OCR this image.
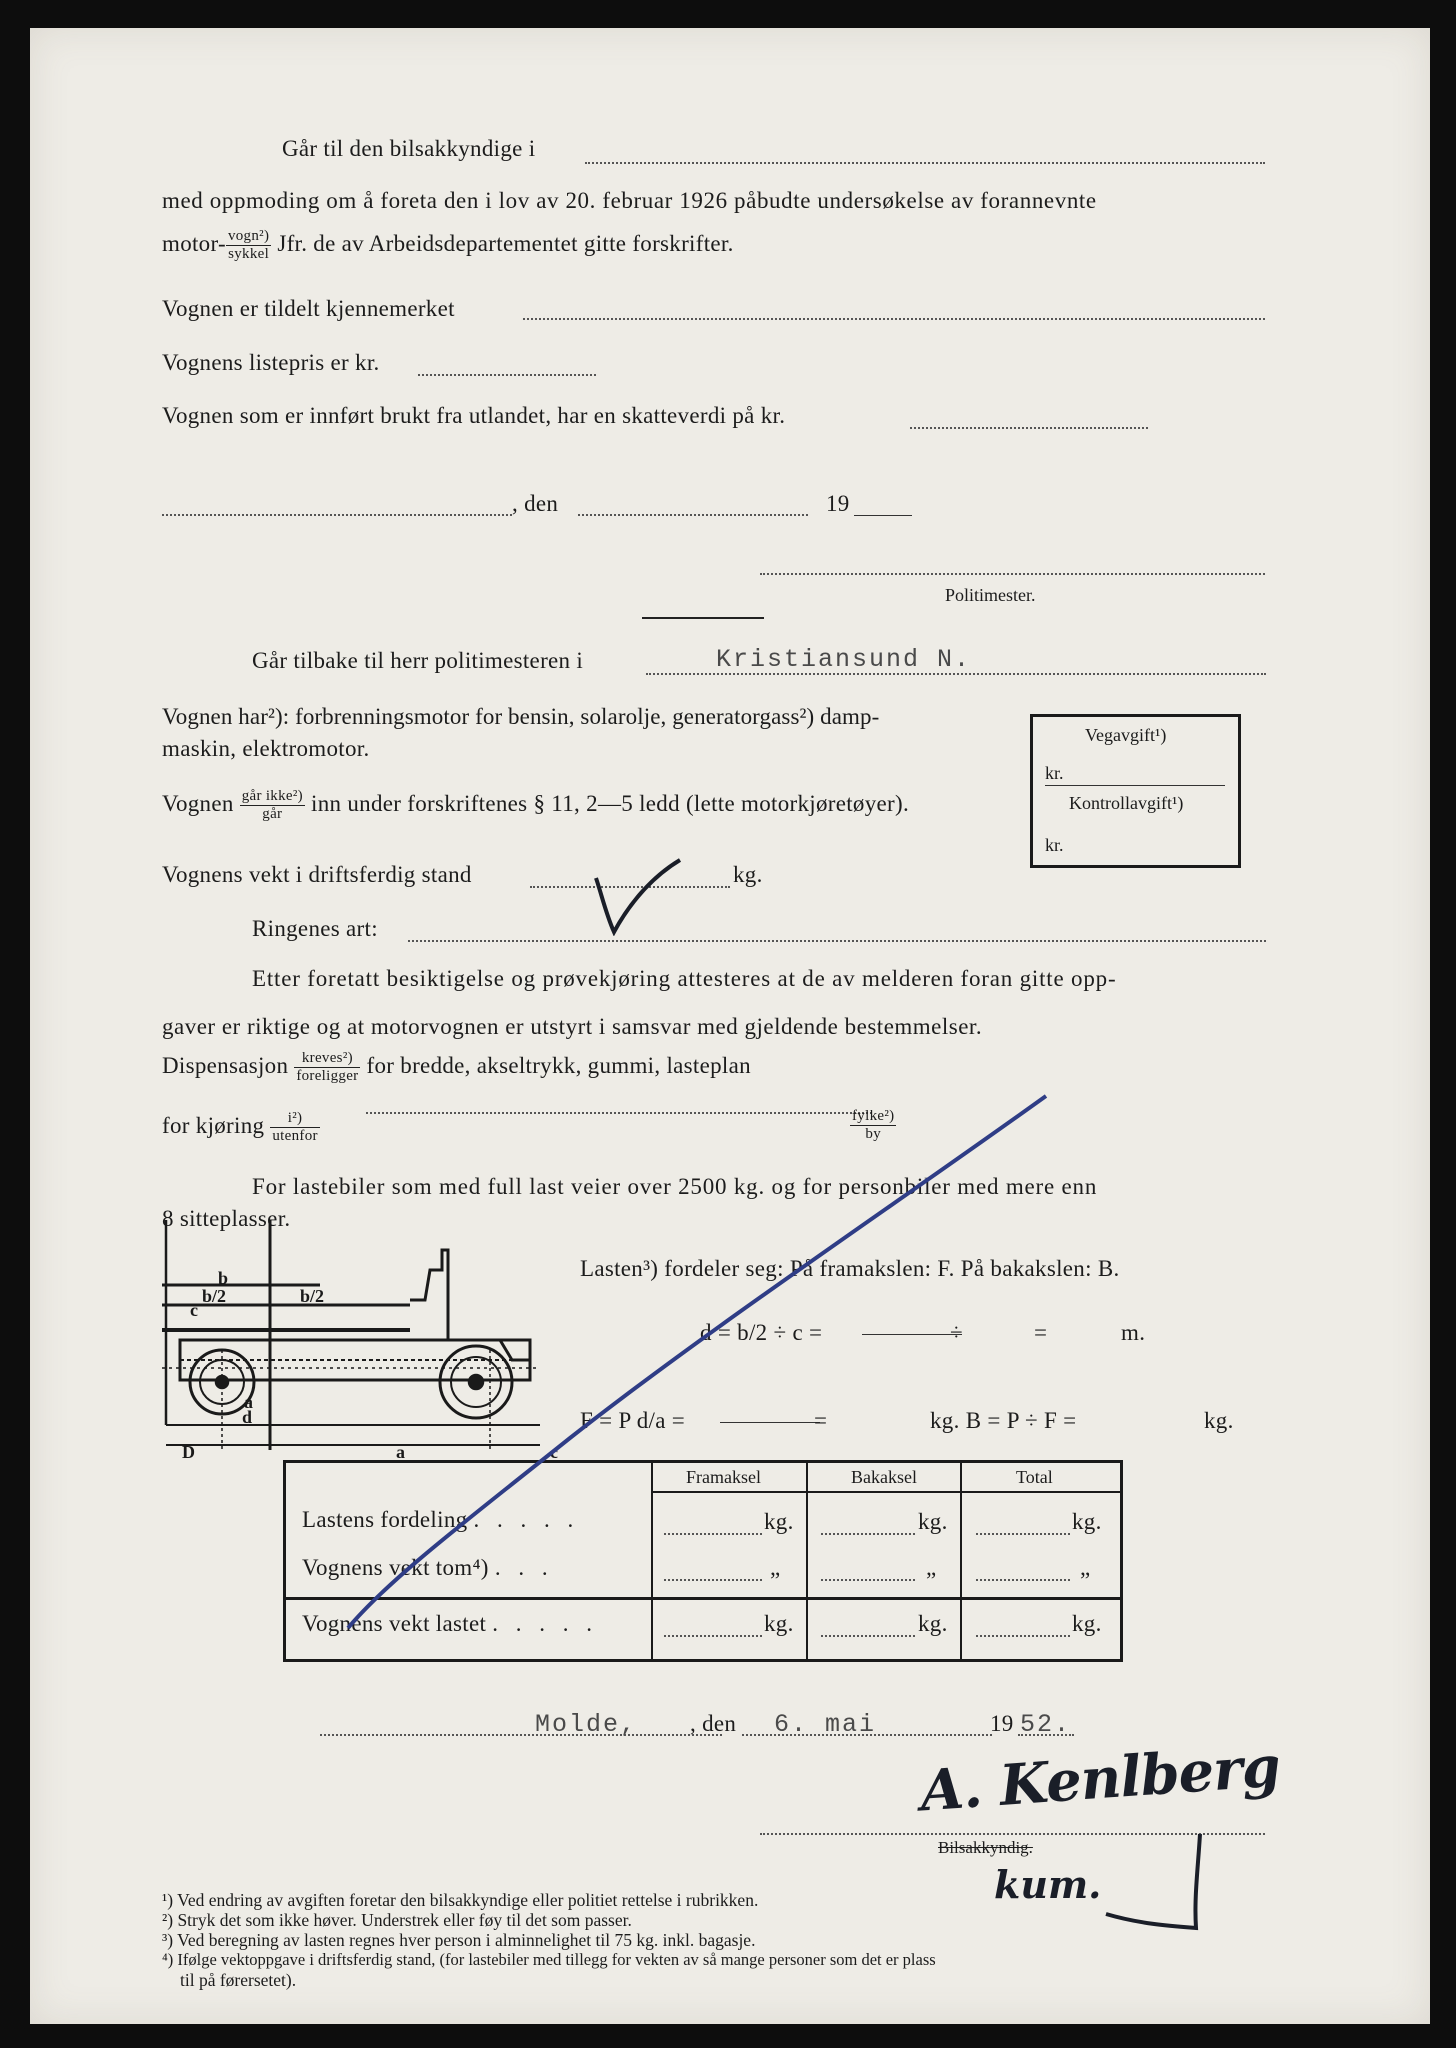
Går til den bilsakkyndige i
med oppmoding om å foreta den i lov av 20. februar 1926 påbudte undersøkelse av forannevnte
motor- $\frac{\text{vogn²)}}{\text{sykkel}}$ Jfr. de av Arbeidsdepartementet gitte forskrifter.
Vognen er tildelt kjennemerket
Vognens listepris er kr.
Vognen som er innført brukt fra utlandet, har en skatteverdi på kr.
, den	19
Politimester.
Går tilbake til herr politimesteren i	Kristiansund N.
Vognen har²): forbrenningsmotor for bensin, solarolje, generatorgass²) damp-
maskin, elektromotor.
Vegavgift¹)
kr.
Kontrollavgift¹)
kr.
Vognen $\frac{\text{går ikke²)}}{\text{går}}$ inn under forskriftenes § 11, 2—5 ledd (lette motorkjøretøyer).
Vognens vekt i driftsferdig stand	kg.
Ringenes art:
Etter foretatt besiktigelse og prøvekjøring attesteres at de av melderen foran gitte opp-
gaver er riktige og at motorvognen er utstyrt i samsvar med gjeldende bestemmelser.
Dispensasjon $\frac{\text{kreves²)}}{\text{foreligger}}$ for bredde, akseltrykk, gummi, lasteplan
for kjøring $\frac{\text{i²)}}{\text{utenfor}}$	$\frac{\text{fylke²)}}{by}$
For lastebiler som med full last veier over 2500 kg. og for personbiler med mere enn
8 sitteplasser.
b
b/2	b/2
c
d
a
D	a	c
Lasten³) fordeler seg: På framakslen: F. På bakakslen: B.
d = b/2 ÷ c =	÷	=	m.
F = P d/a =	=	kg. B = P ÷ F =	kg.
Framaksel	Bakaksel	Total
Lastens fordeling . . . . .	kg.	kg.	kg.
Vognens vekt tom⁴) . . .	„	„	„
Vognens vekt lastet . . . . .	kg.	kg.	kg.
Molde, , den 6. mai	19 52.
Bilsakkyndig.
A. Kenlberg
kum.
¹) Ved endring av avgiften foretar den bilsakkyndige eller politiet rettelse i rubrikken.
²) Stryk det som ikke høver. Understrek eller føy til det som passer.
³) Ved beregning av lasten regnes hver person i alminnelighet til 75 kg. inkl. bagasje.
⁴) Ifølge vektoppgave i driftsferdig stand, (for lastebiler med tillegg for vekten av så mange personer som det er plass
til på førersetet).
